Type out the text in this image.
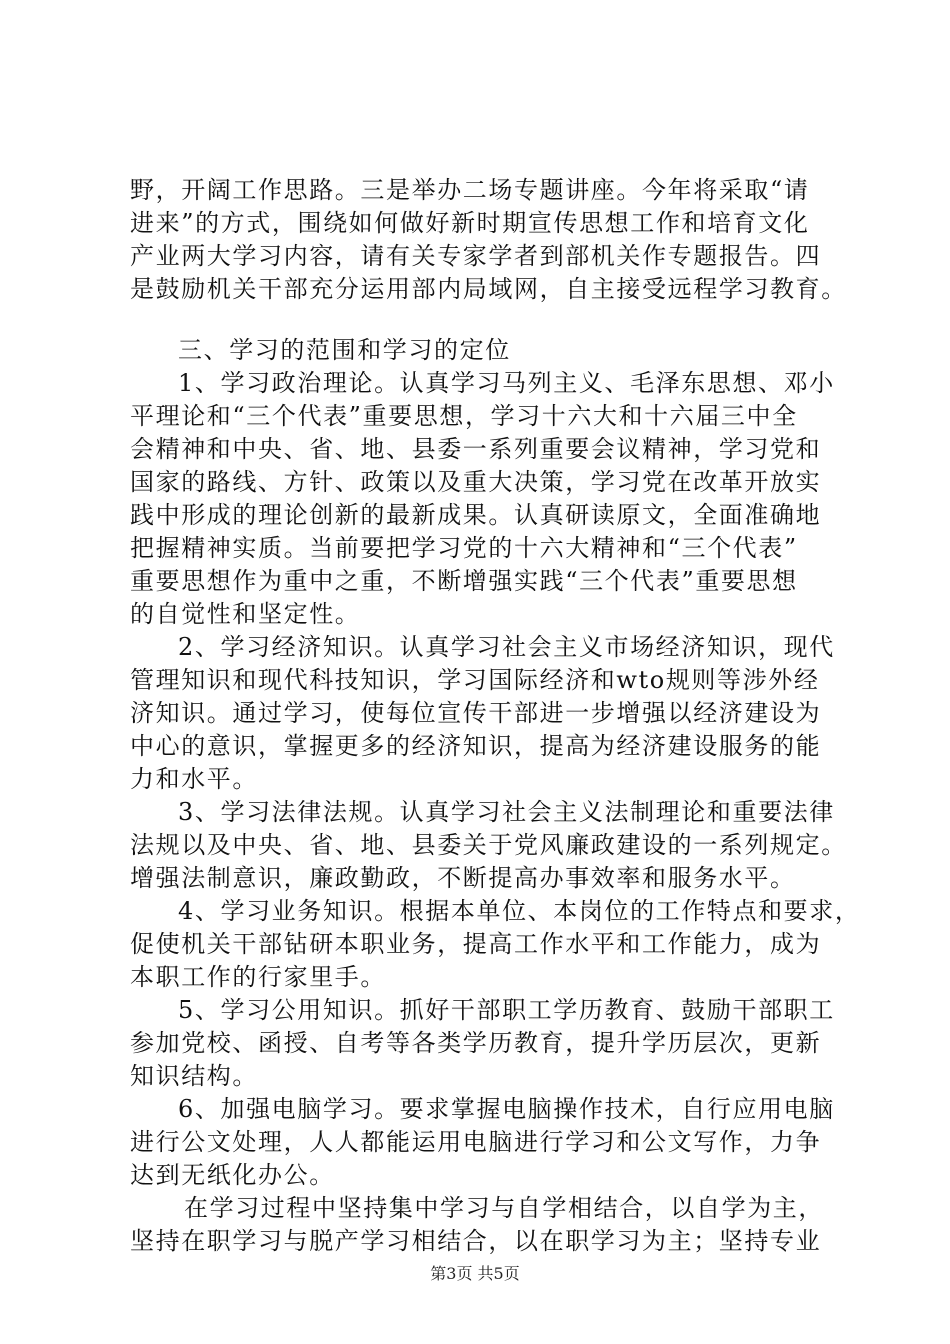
野，开阔工作思路。三是举办二场专题讲座。今年将采取“请
进来”的方式，围绕如何做好新时期宣传思想工作和培育文化
产业两大学习内容，请有关专家学者到部机关作专题报告。四
是鼓励机关干部充分运用部内局域网，自主接受远程学习教育。
三、学习的范围和学习的定位
1、学习政治理论。认真学习马列主义、毛泽东思想、邓小
平理论和“三个代表”重要思想，学习十六大和十六届三中全
会精神和中央、省、地、县委一系列重要会议精神，学习党和
国家的路线、方针、政策以及重大决策，学习党在改革开放实
践中形成的理论创新的最新成果。认真研读原文，全面准确地
把握精神实质。当前要把学习党的十六大精神和“三个代表”
重要思想作为重中之重，不断增强实践“三个代表”重要思想
的自觉性和坚定性。
2、学习经济知识。认真学习社会主义市场经济知识，现代
管理知识和现代科技知识，学习国际经济和wto规则等涉外经
济知识。通过学习，使每位宣传干部进一步增强以经济建设为
中心的意识，掌握更多的经济知识，提高为经济建设服务的能
力和水平。
3、学习法律法规。认真学习社会主义法制理论和重要法律
法规以及中央、省、地、县委关于党风廉政建设的一系列规定。
增强法制意识，廉政勤政，不断提高办事效率和服务水平。
4、学习业务知识。根据本单位、本岗位的工作特点和要求，
促使机关干部钻研本职业务，提高工作水平和工作能力，成为
本职工作的行家里手。
5、学习公用知识。抓好干部职工学历教育、鼓励干部职工
参加党校、函授、自考等各类学历教育，提升学历层次，更新
知识结构。
6、加强电脑学习。要求掌握电脑操作技术，自行应用电脑
进行公文处理，人人都能运用电脑进行学习和公文写作，力争
达到无纸化办公。
在学习过程中坚持集中学习与自学相结合，以自学为主，
坚持在职学习与脱产学习相结合，以在职学习为主；坚持专业
第3页 共5页
